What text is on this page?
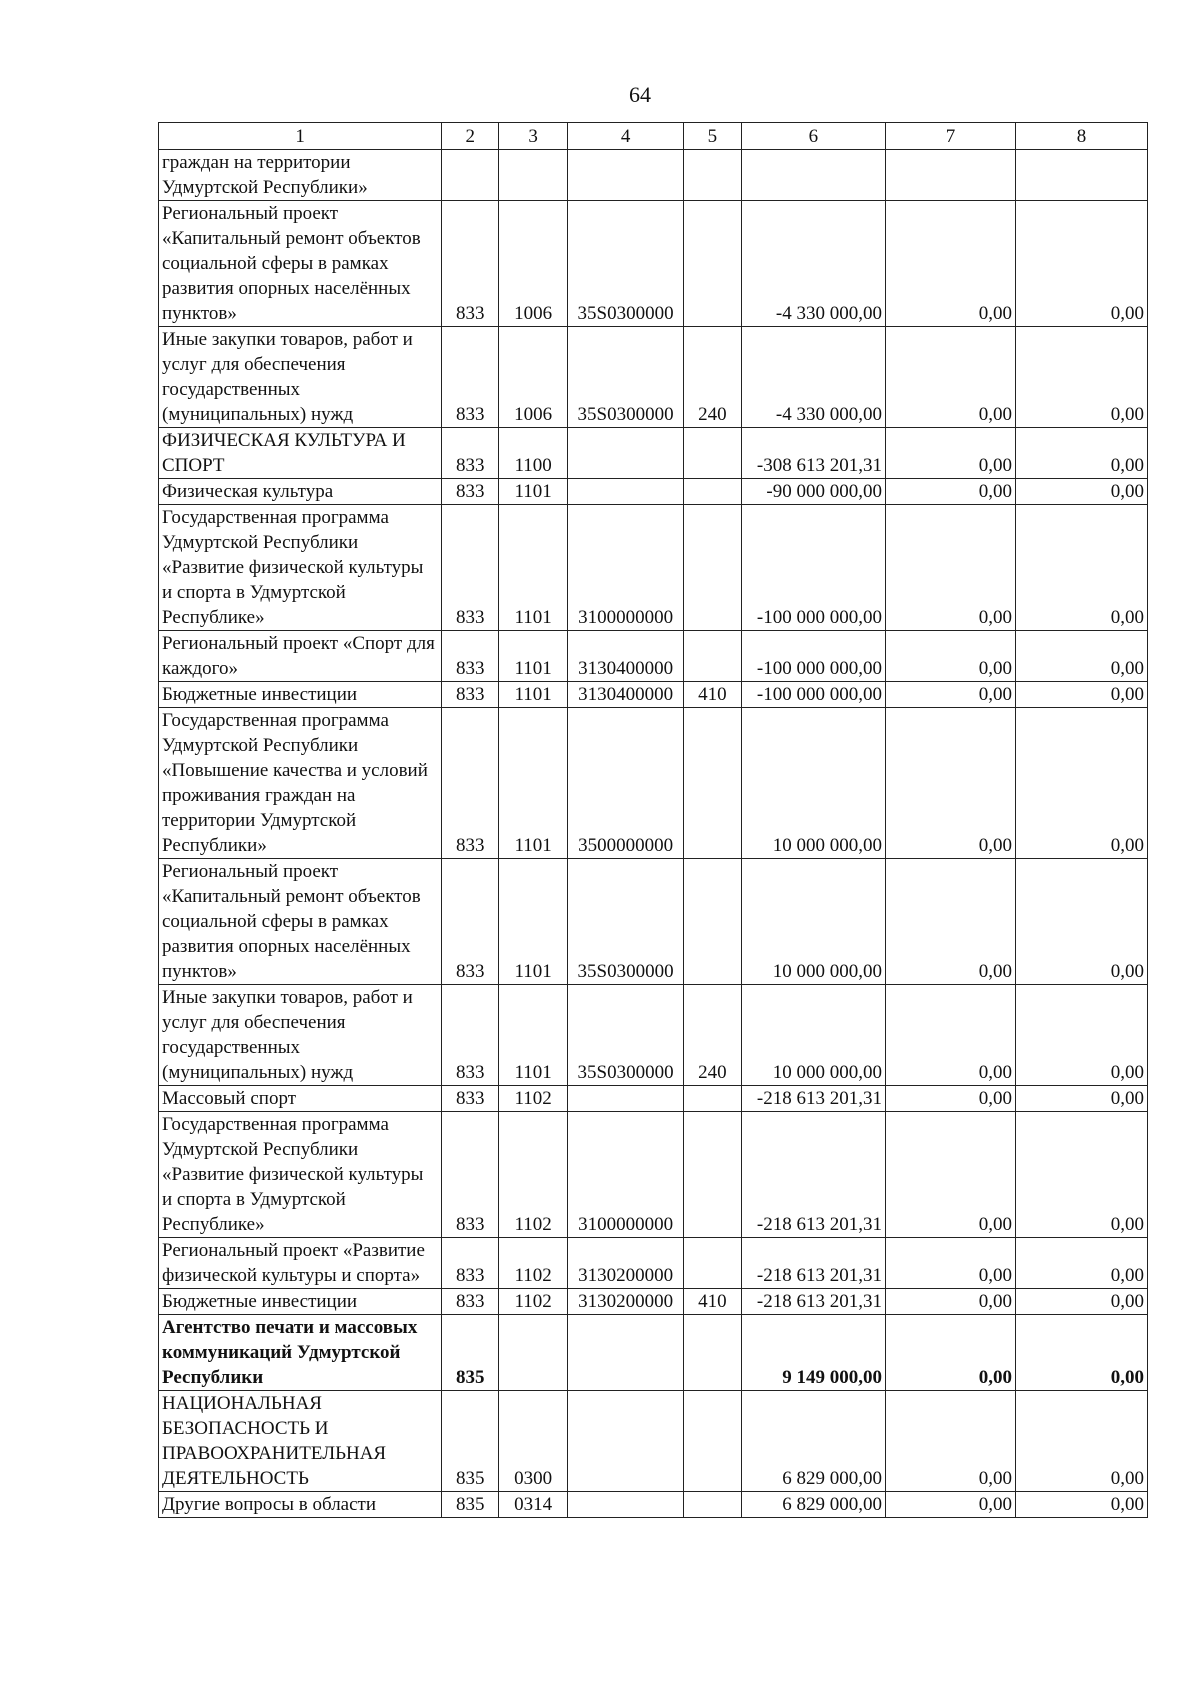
64
1	2	3	4	5	6	7	8
граждан на территории Удмуртской Республики»							
Региональный проект «Капитальный ремонт объектов социальной сферы в рамках развития опорных населённых пунктов»	833	1006	35S0300000		-4 330 000,00	0,00	0,00
Иные закупки товаров, работ и услуг для обеспечения государственных (муниципальных) нужд	833	1006	35S0300000	240	-4 330 000,00	0,00	0,00
ФИЗИЧЕСКАЯ КУЛЬТУРА И СПОРТ	833	1100			-308 613 201,31	0,00	0,00
Физическая культура	833	1101			-90 000 000,00	0,00	0,00
Государственная программа Удмуртской Республики «Развитие физической культуры и спорта в Удмуртской Республике»	833	1101	3100000000		-100 000 000,00	0,00	0,00
Региональный проект «Спорт для каждого»	833	1101	3130400000		-100 000 000,00	0,00	0,00
Бюджетные инвестиции	833	1101	3130400000	410	-100 000 000,00	0,00	0,00
Государственная программа Удмуртской Республики «Повышение качества и условий проживания граждан на территории Удмуртской Республики»	833	1101	3500000000		10 000 000,00	0,00	0,00
Региональный проект «Капитальный ремонт объектов социальной сферы в рамках развития опорных населённых пунктов»	833	1101	35S0300000		10 000 000,00	0,00	0,00
Иные закупки товаров, работ и услуг для обеспечения государственных (муниципальных) нужд	833	1101	35S0300000	240	10 000 000,00	0,00	0,00
Массовый спорт	833	1102			-218 613 201,31	0,00	0,00
Государственная программа Удмуртской Республики «Развитие физической культуры и спорта в Удмуртской Республике»	833	1102	3100000000		-218 613 201,31	0,00	0,00
Региональный проект «Развитие физической культуры и спорта»	833	1102	3130200000		-218 613 201,31	0,00	0,00
Бюджетные инвестиции	833	1102	3130200000	410	-218 613 201,31	0,00	0,00
Агентство печати и массовых коммуникаций Удмуртской Республики	835				9 149 000,00	0,00	0,00
НАЦИОНАЛЬНАЯ БЕЗОПАСНОСТЬ И ПРАВООХРАНИТЕЛЬНАЯ ДЕЯТЕЛЬНОСТЬ	835	0300			6 829 000,00	0,00	0,00
Другие вопросы в области	835	0314			6 829 000,00	0,00	0,00
